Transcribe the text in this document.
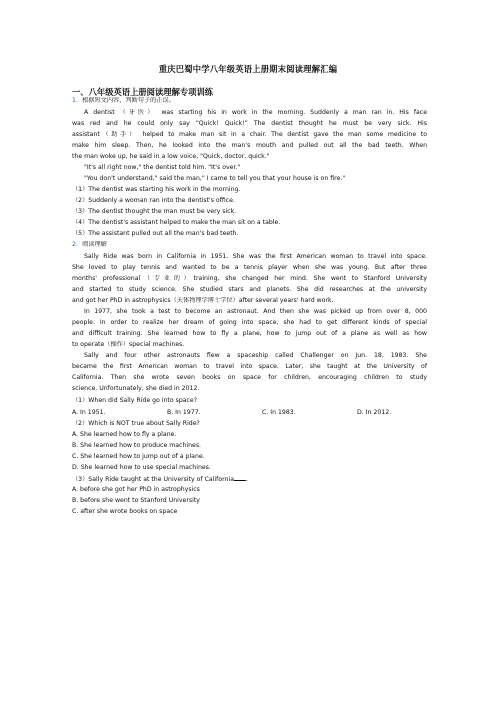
重庆巴蜀中学八年级英语上册期末阅读理解汇编
一、八年级英语上册阅读理解专项训练
1．根据短文内容，判断句子的正误。
A dentist （牙医） was starting his in work in the morning. Suddenly a man ran in. His face
was red and he could only say “Quick! Quick!” The dentist thought he must be very sick. His
assistant（助手） helped to make man sit in a chair. The dentist gave the man some medicine to
make him sleep. Then, he looked into the man's mouth and pulled out all the bad teeth. When
the man woke up, he said in a low voice, "Quick, doctor, quick."
"It's all right now," the dentist told him. "It's over."
"You don't understand," said the man," I came to tell you that your house is on fire."
（1）The dentist was starting his work in the morning.
（2）Suddenly a woman ran into the dentist's office.
（3）The dentist thought the man must be very sick.
（4）The dentist's assistant helped to make the man sit on a table.
（5）The assistant pulled out all the man's bad teeth.
2．阅读理解
Sally Ride was born in California in 1951. She was the first American woman to travel into space.
She loved to play tennis and wanted to be a tennis player when she was young. But after three
months' professional（专业的）training, she changed her mind. She went to Stanford University
and started to study science. She studied stars and planets. She did researches at the university
and got her PhD in astrophysics（天体物理学博士学位）after several years' hard work.
In 1977, she took a test to become an astronaut. And then she was picked up from over 8, 000
people. In order to realize her dream of going into space, she had to get different kinds of special
and difficult training. She learned how to fly a plane, how to jump out of a plane as well as how
to operate（操作）special machines.
Sally and four other astronauts flew a spaceship called Challenger on Jun. 18, 1983. She
became the first American woman to travel into space. Later, she taught at the University of
California. Then she wrote seven books on space for children, encouraging children to study
science. Unfortunately, she died in 2012.
（1）When did Sally Ride go into space?
A. In 1951.	B. In 1977.	C. In 1983.	D. In 2012.
（2）Which is NOT true about Sally Ride?
A. She learned how to fly a plane.
B. She learned how to produce machines.
C. She learned how to jump out of a plane.
D. She learned how to use special machines.
（3）Sally Ride taught at the University of California .
A. before she got her PhD in astrophysics
B. before she went to Stanford University
C. after she wrote books on space
